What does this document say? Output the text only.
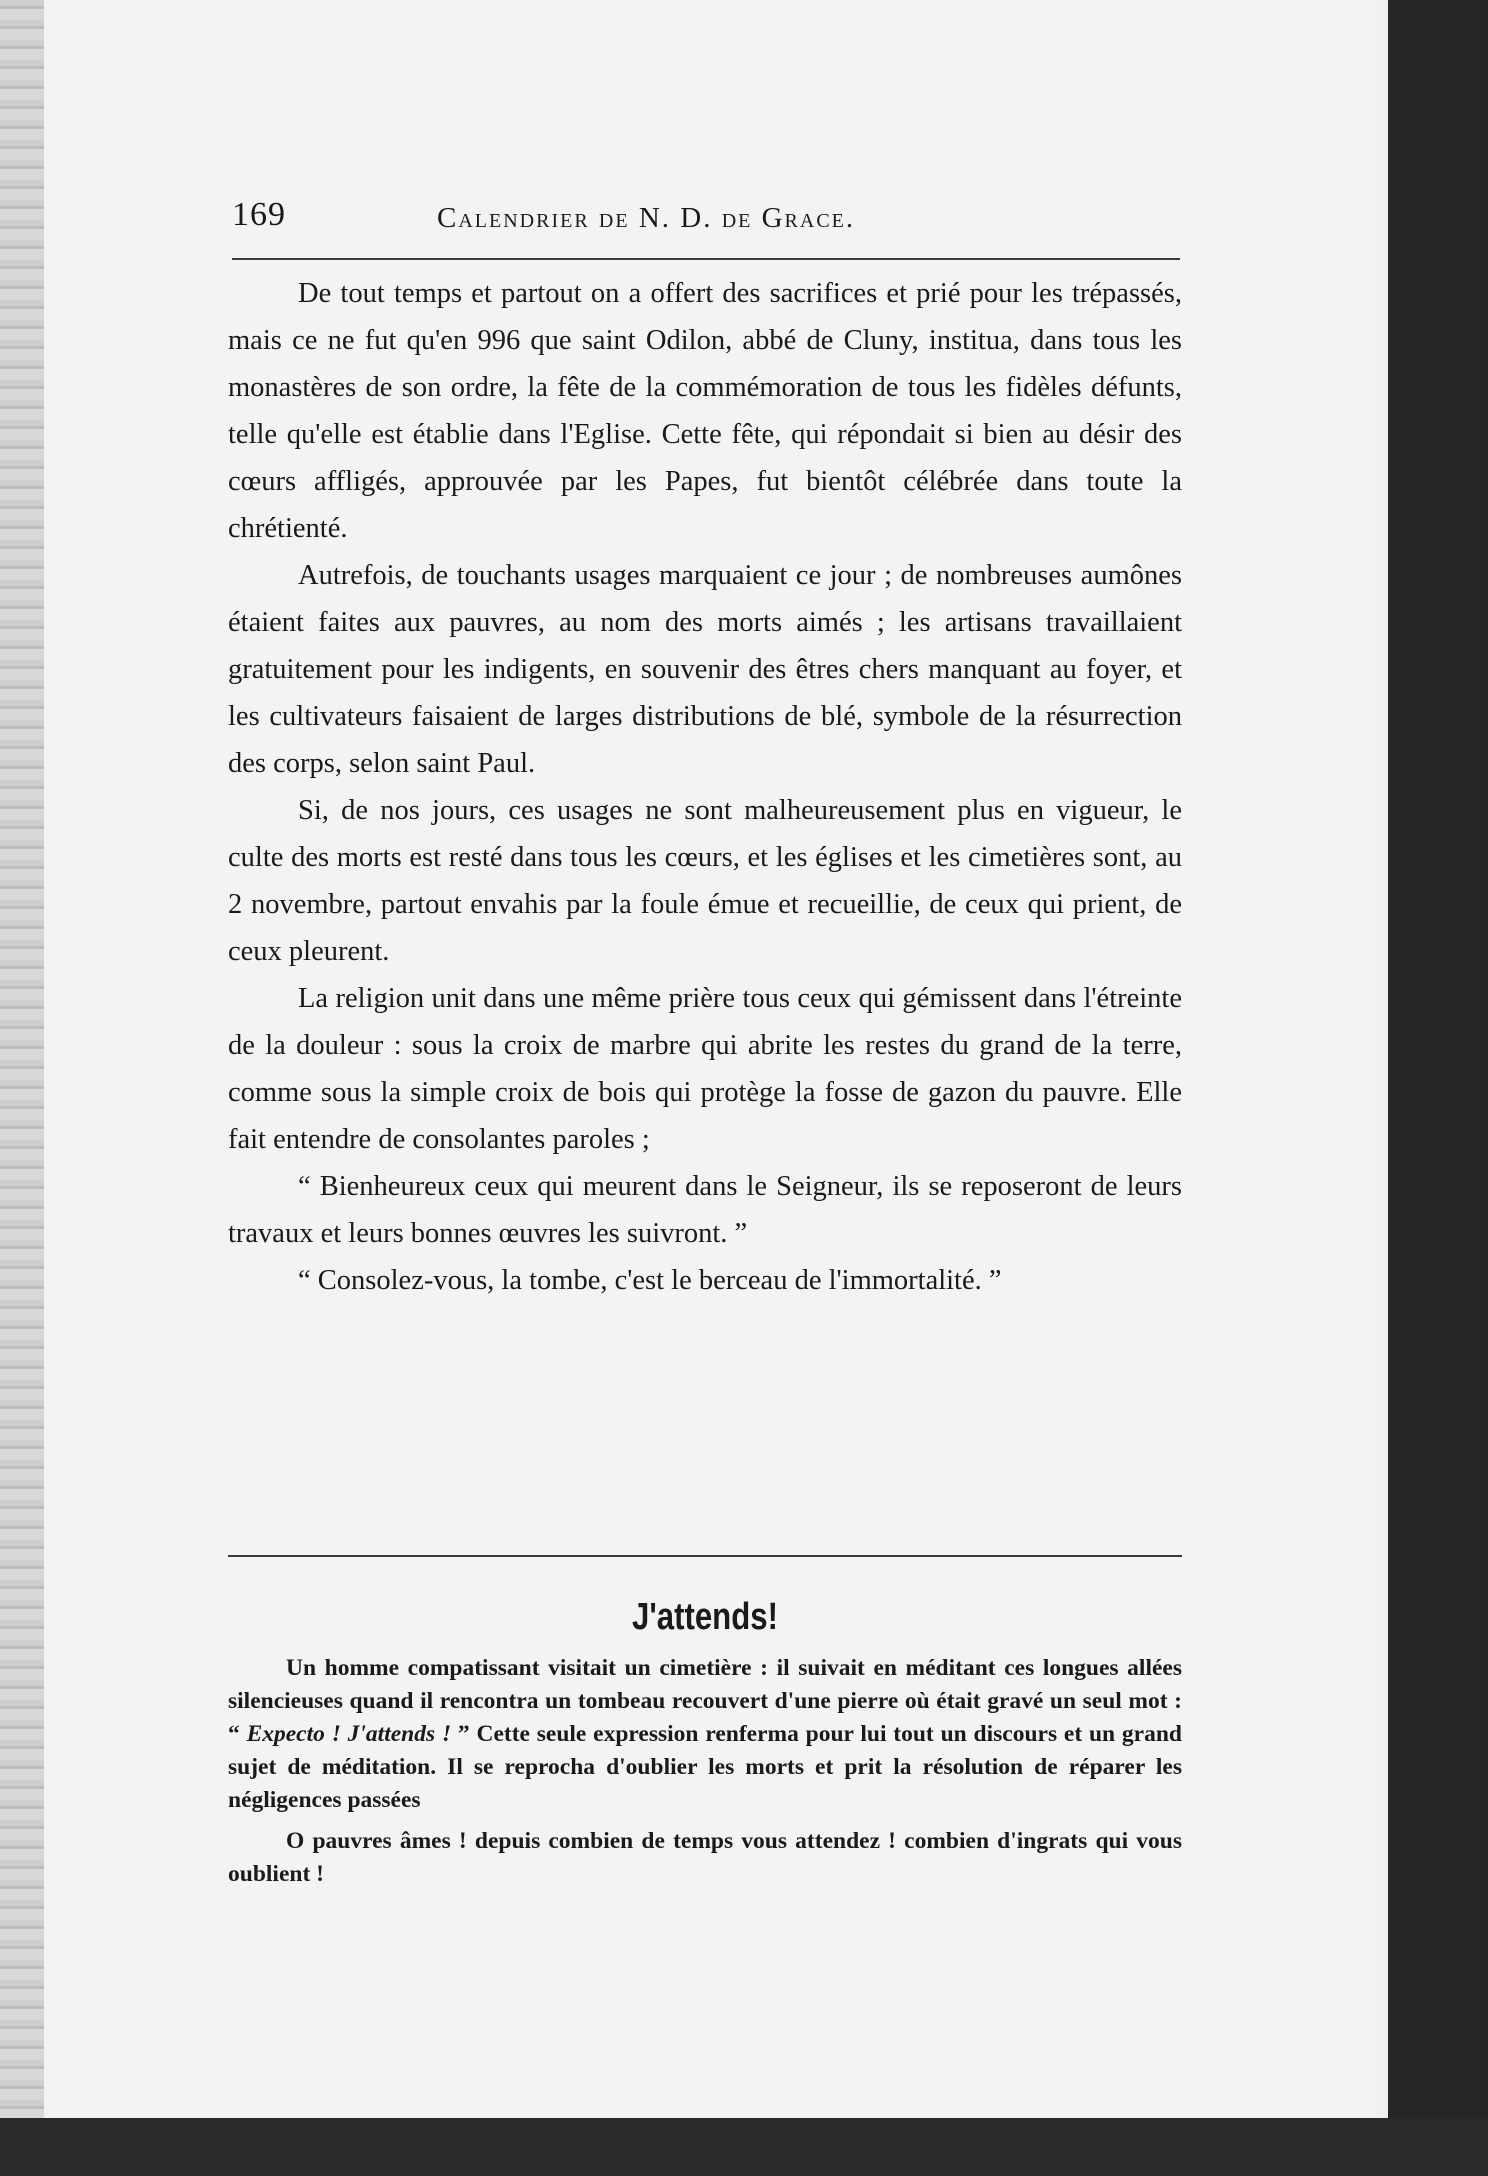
169	Calendrier de N. D. de Grace.

De tout temps et partout on a offert des sacrifices et prié pour les trépassés, mais ce ne fut qu'en 996 que saint Odilon, abbé de Cluny, institua, dans tous les monastères de son ordre, la fête de la commémoration de tous les fidèles défunts, telle qu'elle est établie dans l'Eglise. Cette fête, qui répondait si bien au désir des cœurs affligés, approuvée par les Papes, fut bientôt célébrée dans toute la chrétienté.

Autrefois, de touchants usages marquaient ce jour ; de nombreuses aumônes étaient faites aux pauvres, au nom des morts aimés ; les artisans travaillaient gratuitement pour les indigents, en souvenir des êtres chers manquant au foyer, et les cultivateurs faisaient de larges distributions de blé, symbole de la résurrection des corps, selon saint Paul.

Si, de nos jours, ces usages ne sont malheureusement plus en vigueur, le culte des morts est resté dans tous les cœurs, et les églises et les cimetières sont, au 2 novembre, partout envahis par la foule émue et recueillie, de ceux qui prient, de ceux pleurent.

La religion unit dans une même prière tous ceux qui gémissent dans l'étreinte de la douleur : sous la croix de marbre qui abrite les restes du grand de la terre, comme sous la simple croix de bois qui protège la fosse de gazon du pauvre. Elle fait entendre de consolantes paroles ;

“ Bienheureux ceux qui meurent dans le Seigneur, ils se reposeront de leurs travaux et leurs bonnes œuvres les suivront. ”

“ Consolez-vous, la tombe, c'est le berceau de l'immortalité. ”

J'attends!

Un homme compatissant visitait un cimetière : il suivait en méditant ces longues allées silencieuses quand il rencontra un tombeau recouvert d'une pierre où était gravé un seul mot : “ Expecto ! J'attends ! ” Cette seule expression renferma pour lui tout un discours et un grand sujet de méditation. Il se reprocha d'oublier les morts et prit la résolution de réparer les négligences passées

O pauvres âmes ! depuis combien de temps vous attendez ! combien d'ingrats qui vous oublient !
